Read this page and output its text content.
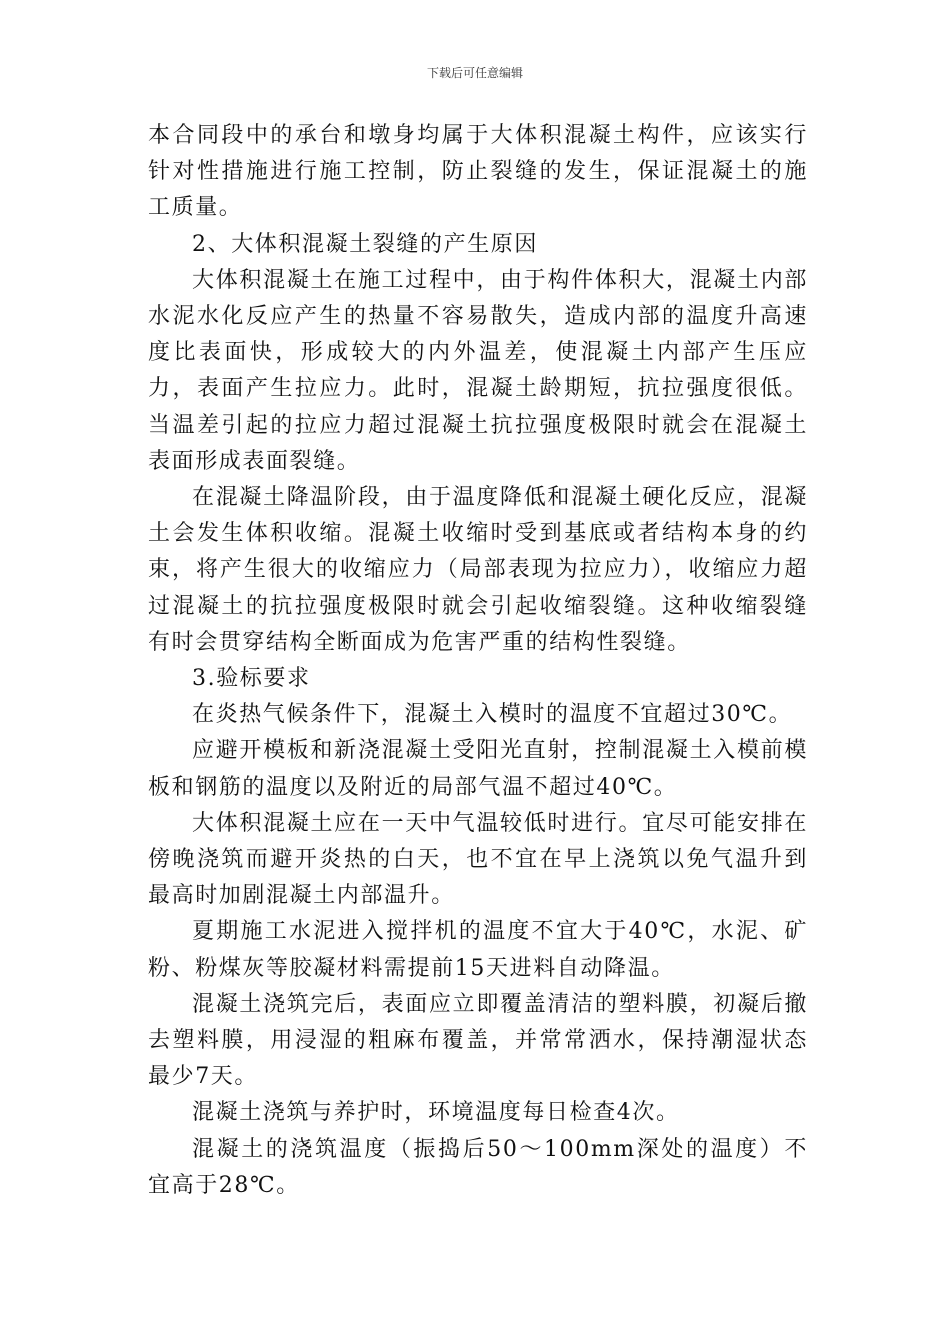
下载后可任意编辑

本合同段中的承台和墩身均属于大体积混凝土构件，应该实行针对性措施进行施工控制，防止裂缝的发生，保证混凝土的施工质量。

2、大体积混凝土裂缝的产生原因

大体积混凝土在施工过程中，由于构件体积大，混凝土内部水泥水化反应产生的热量不容易散失，造成内部的温度升高速度比表面快，形成较大的内外温差，使混凝土内部产生压应力，表面产生拉应力。此时，混凝土龄期短，抗拉强度很低。当温差引起的拉应力超过混凝土抗拉强度极限时就会在混凝土表面形成表面裂缝。

在混凝土降温阶段，由于温度降低和混凝土硬化反应，混凝土会发生体积收缩。混凝土收缩时受到基底或者结构本身的约束，将产生很大的收缩应力（局部表现为拉应力），收缩应力超过混凝土的抗拉强度极限时就会引起收缩裂缝。这种收缩裂缝有时会贯穿结构全断面成为危害严重的结构性裂缝。

3.验标要求

在炎热气候条件下，混凝土入模时的温度不宜超过30℃。

应避开模板和新浇混凝土受阳光直射，控制混凝土入模前模板和钢筋的温度以及附近的局部气温不超过40℃。

大体积混凝土应在一天中气温较低时进行。宜尽可能安排在傍晚浇筑而避开炎热的白天，也不宜在早上浇筑以免气温升到最高时加剧混凝土内部温升。

夏期施工水泥进入搅拌机的温度不宜大于40℃，水泥、矿粉、粉煤灰等胶凝材料需提前15天进料自动降温。

混凝土浇筑完后，表面应立即覆盖清洁的塑料膜，初凝后撤去塑料膜，用浸湿的粗麻布覆盖，并常常洒水，保持潮湿状态最少7天。

混凝土浇筑与养护时，环境温度每日检查4次。

混凝土的浇筑温度（振捣后50～100mm深处的温度）不宜高于28℃。
